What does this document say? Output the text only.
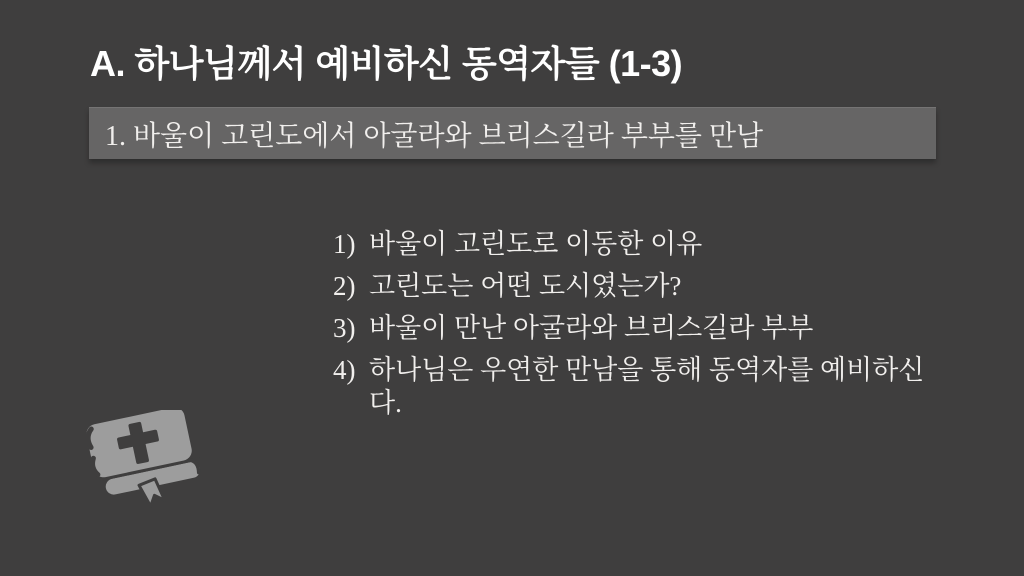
A. 하나님께서 예비하신 동역자들 (1-3)
1. 바울이 고린도에서 아굴라와 브리스길라 부부를 만남
1) 바울이 고린도로 이동한 이유
2) 고린도는 어떤 도시였는가?
3) 바울이 만난 아굴라와 브리스길라 부부
4) 하나님은 우연한 만남을 통해 동역자를 예비하신다.
